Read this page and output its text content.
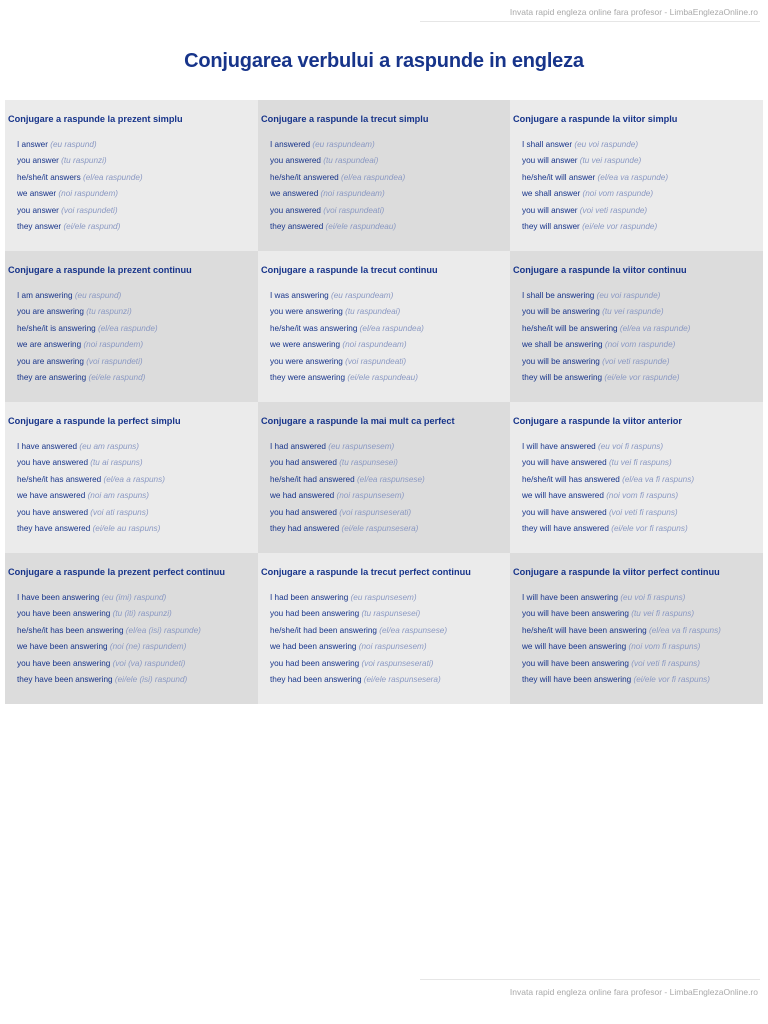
Invata rapid engleza online fara profesor - LimbaEnglezaOnline.ro
Conjugarea verbului a raspunde in engleza
Conjugare a raspunde la prezent simplu
I answer (eu raspund)
you answer (tu raspunzi)
he/she/it answers (el/ea raspunde)
we answer (noi raspundem)
you answer (voi raspundeti)
they answer (ei/ele raspund)
Conjugare a raspunde la trecut simplu
I answered (eu raspundeam)
you answered (tu raspundeai)
he/she/it answered (el/ea raspundea)
we answered (noi raspundeam)
you answered (voi raspundeati)
they answered (ei/ele raspundeau)
Conjugare a raspunde la viitor simplu
I shall answer (eu voi raspunde)
you will answer (tu vei raspunde)
he/she/it will answer (el/ea va raspunde)
we shall answer (noi vom raspunde)
you will answer (voi veti raspunde)
they will answer (ei/ele vor raspunde)
Conjugare a raspunde la prezent continuu
I am answering (eu raspund)
you are answering (tu raspunzi)
he/she/it is answering (el/ea raspunde)
we are answering (noi raspundem)
you are answering (voi raspundeti)
they are answering (ei/ele raspund)
Conjugare a raspunde la trecut continuu
I was answering (eu raspundeam)
you were answering (tu raspundeai)
he/she/it was answering (el/ea raspundea)
we were answering (noi raspundeam)
you were answering (voi raspundeati)
they were answering (ei/ele raspundeau)
Conjugare a raspunde la viitor continuu
I shall be answering (eu voi raspunde)
you will be answering (tu vei raspunde)
he/she/it will be answering (el/ea va raspunde)
we shall be answering (noi vom raspunde)
you will be answering (voi veti raspunde)
they will be answering (ei/ele vor raspunde)
Conjugare a raspunde la perfect simplu
I have answered (eu am raspuns)
you have answered (tu ai raspuns)
he/she/it has answered (el/ea a raspuns)
we have answered (noi am raspuns)
you have answered (voi ati raspuns)
they have answered (ei/ele au raspuns)
Conjugare a raspunde la mai mult ca perfect
I had answered (eu raspunsesem)
you had answered (tu raspunsesei)
he/she/it had answered (el/ea raspunsese)
we had answered (noi raspunsesem)
you had answered (voi raspunseserati)
they had answered (ei/ele raspunsesera)
Conjugare a raspunde la viitor anterior
I will have answered (eu voi fi raspuns)
you will have answered (tu vei fi raspuns)
he/she/it will has answered (el/ea va fi raspuns)
we will have answered (noi vom fi raspuns)
you will have answered (voi veti fi raspuns)
they will have answered (ei/ele vor fi raspuns)
Conjugare a raspunde la prezent perfect continuu
I have been answering (eu (imi) raspund)
you have been answering (tu (iti) raspunzi)
he/she/it has been answering (el/ea (isi) raspunde)
we have been answering (noi (ne) raspundem)
you have been answering (voi (va) raspundeti)
they have been answering (ei/ele (isi) raspund)
Conjugare a raspunde la trecut perfect continuu
I had been answering (eu raspunsesem)
you had been answering (tu raspunsesei)
he/she/it had been answering (el/ea raspunsese)
we had been answering (noi raspunsesem)
you had been answering (voi raspunseserati)
they had been answering (ei/ele raspunsesera)
Conjugare a raspunde la viitor perfect continuu
I will have been answering (eu voi fi raspuns)
you will have been answering (tu vei fi raspuns)
he/she/it will have been answering (el/ea va fi raspuns)
we will have been answering (noi vom fi raspuns)
you will have been answering (voi veti fi raspuns)
they will have been answering (ei/ele vor fi raspuns)
Invata rapid engleza online fara profesor - LimbaEnglezaOnline.ro
